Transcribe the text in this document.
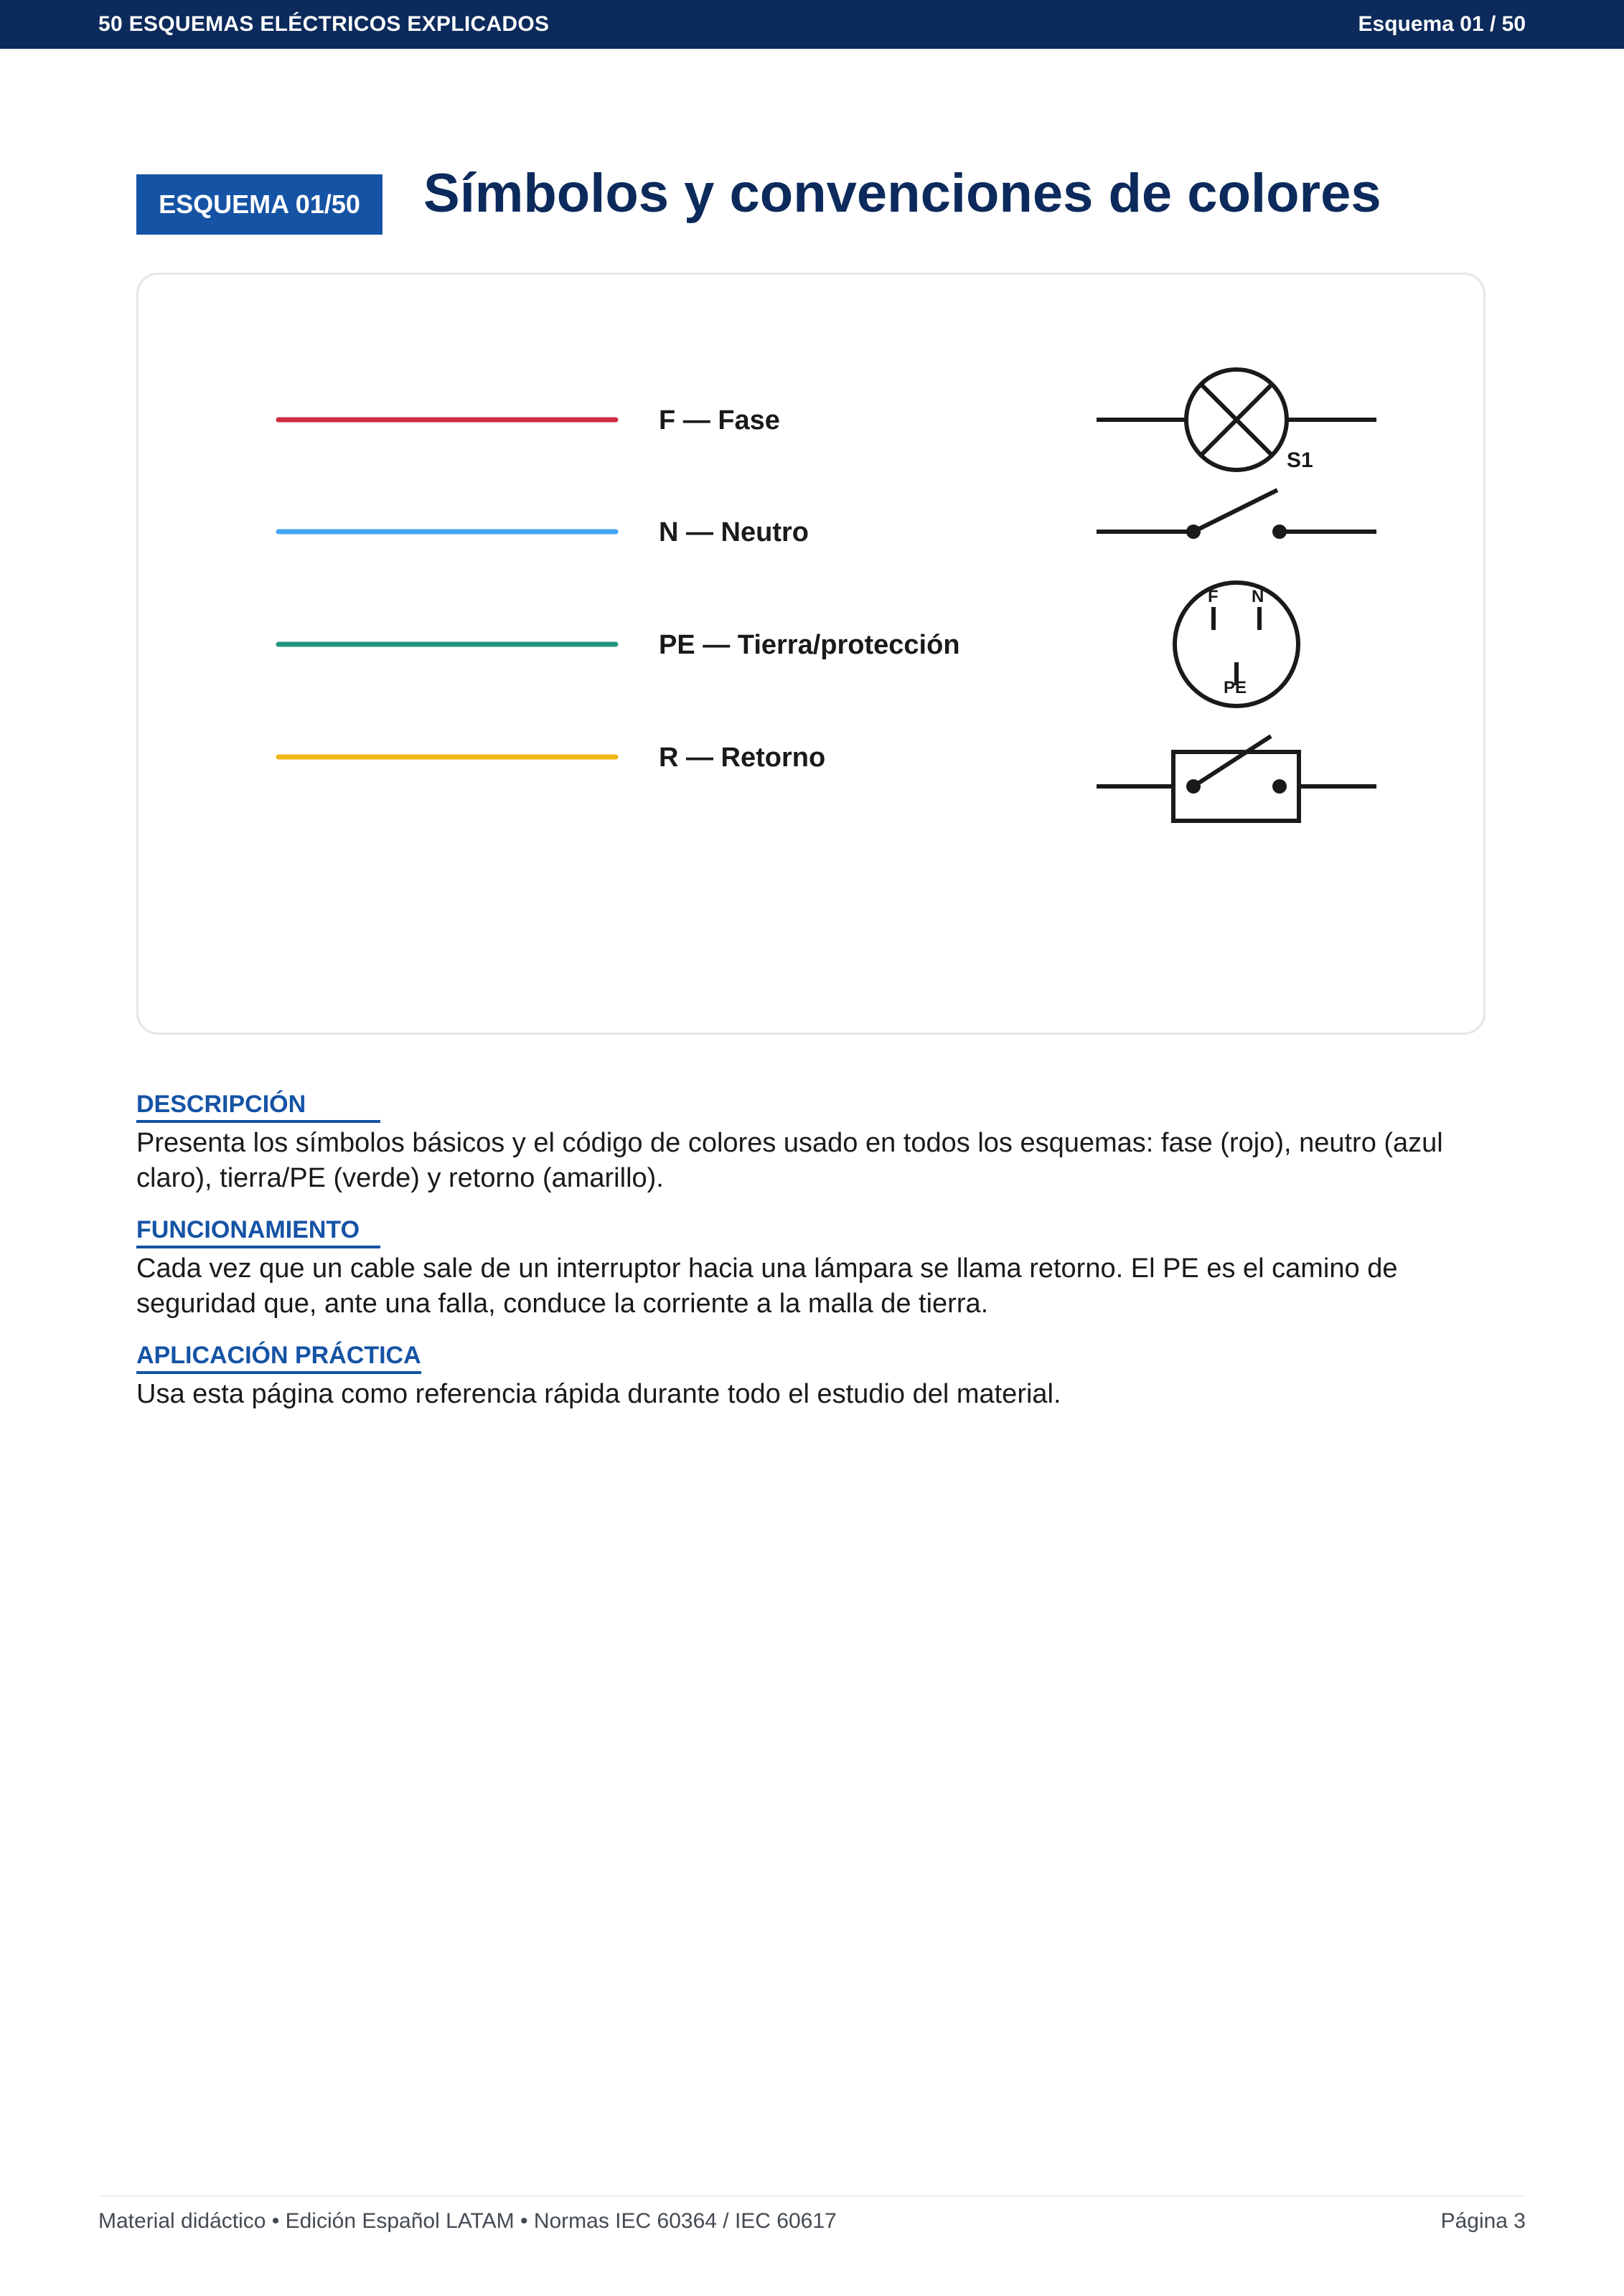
50 ESQUEMAS ELÉCTRICOS EXPLICADOS	Esquema 01 / 50
ESQUEMA 01/50	Símbolos y convenciones de colores
F — Fase
N — Neutro
PE — Tierra/protección
R — Retorno
S1
F N
PE
DESCRIPCIÓN
Presenta los símbolos básicos y el código de colores usado en todos los esquemas: fase (rojo), neutro (azul claro), tierra/PE (verde) y retorno (amarillo).
FUNCIONAMIENTO
Cada vez que un cable sale de un interruptor hacia una lámpara se llama retorno. El PE es el camino de seguridad que, ante una falla, conduce la corriente a la malla de tierra.
APLICACIÓN PRÁCTICA
Usa esta página como referencia rápida durante todo el estudio del material.
Material didáctico • Edición Español LATAM • Normas IEC 60364 / IEC 60617	Página 3
